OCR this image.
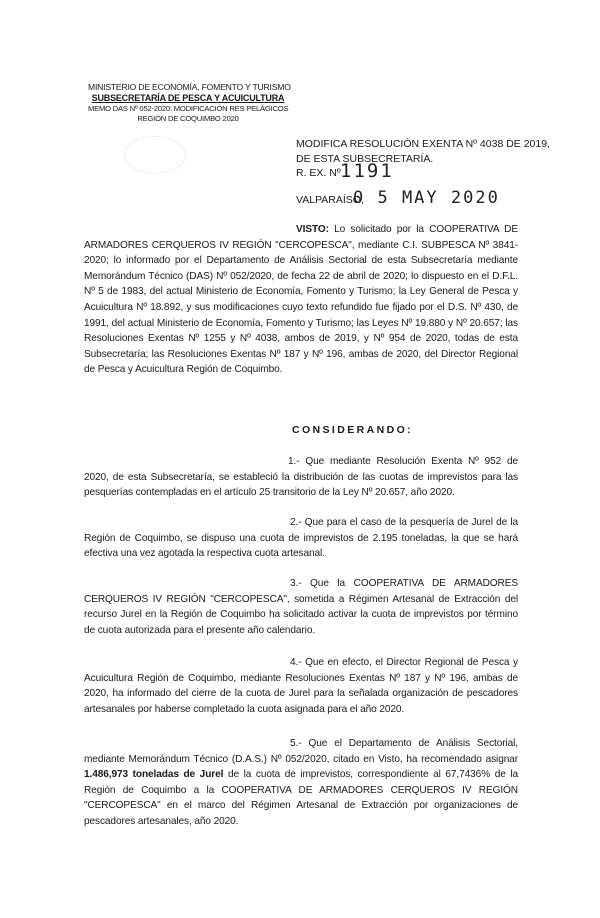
MINISTERIO DE ECONOMÍA, FOMENTO Y TURISMO
SUBSECRETARÍA DE PESCA Y ACUICULTURA
MEMO DAS Nº 052-2020: MODIFICACIÓN RES PELÁGICOS
REGIÓN DE COQUIMBO 2020
MODIFICA RESOLUCIÓN EXENTA Nº 4038 DE 2019,
DE ESTA SUBSECRETARÍA.
R. EX. Nº 1191
VALPARAÍSO,
0 5 MAY 2020

VISTO: Lo solicitado por la COOPERATIVA DE ARMADORES CERQUEROS IV REGIÓN "CERCOPESCA", mediante C.I. SUBPESCA Nº 3841-2020; lo informado por el Departamento de Análisis Sectorial de esta Subsecretaría mediante Memorándum Técnico (DAS) Nº 052/2020, de fecha 22 de abril de 2020; lo dispuesto en el D.F.L. Nº 5 de 1983, del actual Ministerio de Economía, Fomento y Turismo; la Ley General de Pesca y Acuicultura Nº 18.892, y sus modificaciones cuyo texto refundido fue fijado por el D.S. Nº 430, de 1991, del actual Ministerio de Economía, Fomento y Turismo; las Leyes Nº 19.880 y Nº 20.657; las Resoluciones Exentas Nº 1255 y Nº 4038, ambos de 2019, y Nº 954 de 2020, todas de esta Subsecretaría; las Resoluciones Exentas Nº 187 y Nº 196, ambas de 2020, del Director Regional de Pesca y Acuicultura Región de Coquimbo.

CONSIDERANDO:

1.- Que mediante Resolución Exenta Nº 952 de 2020, de esta Subsecretaría, se estableció la distribución de las cuotas de imprevistos para las pesquerías contempladas en el artículo 25 transitorio de la Ley Nº 20.657, año 2020.

2.- Que para el caso de la pesquería de Jurel de la Región de Coquimbo, se dispuso una cuota de imprevistos de 2.195 toneladas, la que se hará efectiva una vez agotada la respectiva cuota artesanal.

3.- Que la COOPERATIVA DE ARMADORES CERQUEROS IV REGIÓN "CERCOPESCA", sometida a Régimen Artesanal de Extracción del recurso Jurel en la Región de Coquimbo ha solicitado activar la cuota de imprevistos por término de cuota autorizada para el presente año calendario.

4.- Que en efecto, el Director Regional de Pesca y Acuicultura Región de Coquimbo, mediante Resoluciones Exentas Nº 187 y Nº 196, ambas de 2020, ha informado del cierre de la cuota de Jurel para la señalada organización de pescadores artesanales por haberse completado la cuota asignada para el año 2020.

5.- Que el Departamento de Análisis Sectorial, mediante Memorándum Técnico (D.A.S.) Nº 052/2020, citado en Visto, ha recomendado asignar 1.486,973 toneladas de Jurel de la cuota de imprevistos, correspondiente al 67,7436% de la Región de Coquimbo a la COOPERATIVA DE ARMADORES CERQUEROS IV REGIÓN "CERCOPESCA" en el marco del Régimen Artesanal de Extracción por organizaciones de pescadores artesanales, año 2020.
